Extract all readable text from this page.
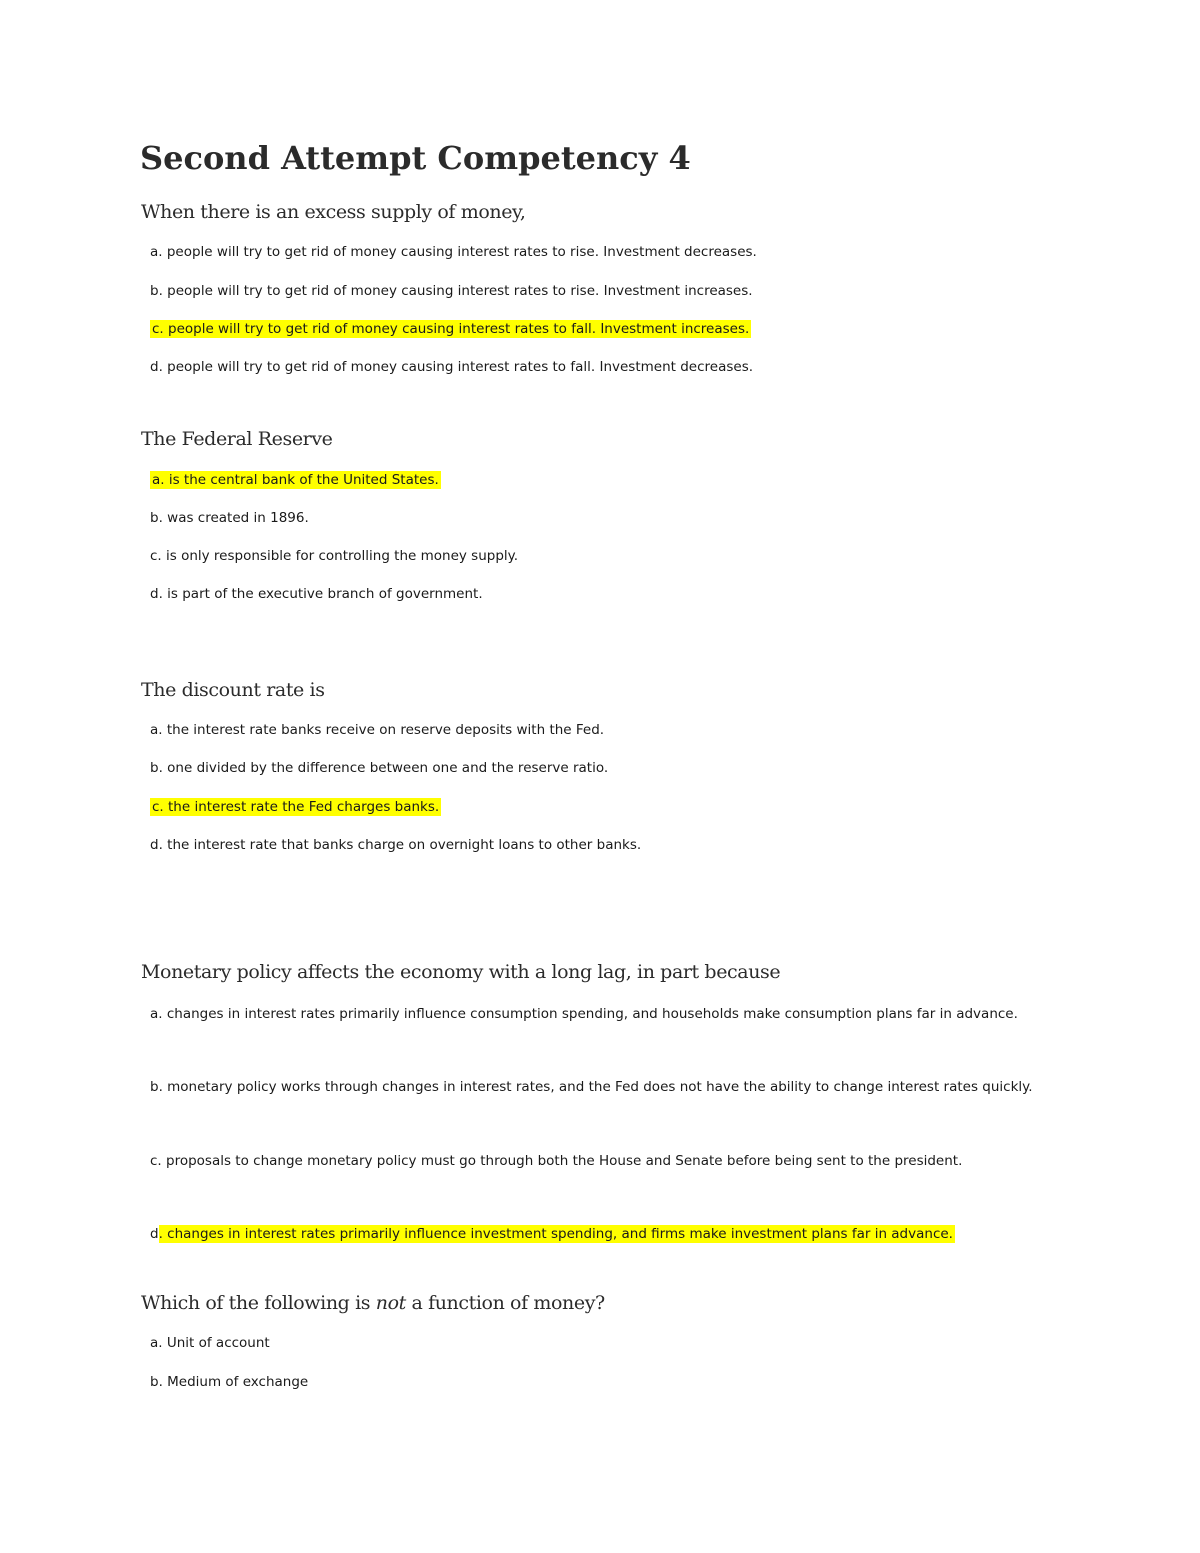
Second Attempt Competency 4

When there is an excess supply of money,

a. people will try to get rid of money causing interest rates to rise. Investment decreases.

b. people will try to get rid of money causing interest rates to rise. Investment increases.

c. people will try to get rid of money causing interest rates to fall. Investment increases.

d. people will try to get rid of money causing interest rates to fall. Investment decreases.

The Federal Reserve

a. is the central bank of the United States.

b. was created in 1896.

c. is only responsible for controlling the money supply.

d. is part of the executive branch of government.

The discount rate is

a. the interest rate banks receive on reserve deposits with the Fed.

b. one divided by the difference between one and the reserve ratio.

c. the interest rate the Fed charges banks.

d. the interest rate that banks charge on overnight loans to other banks.

Monetary policy affects the economy with a long lag, in part because

a. changes in interest rates primarily influence consumption spending, and households make consumption plans far in advance.

b. monetary policy works through changes in interest rates, and the Fed does not have the ability to change interest rates quickly.

c. proposals to change monetary policy must go through both the House and Senate before being sent to the president.

d. changes in interest rates primarily influence investment spending, and firms make investment plans far in advance.

Which of the following is not a function of money?

a. Unit of account

b. Medium of exchange
